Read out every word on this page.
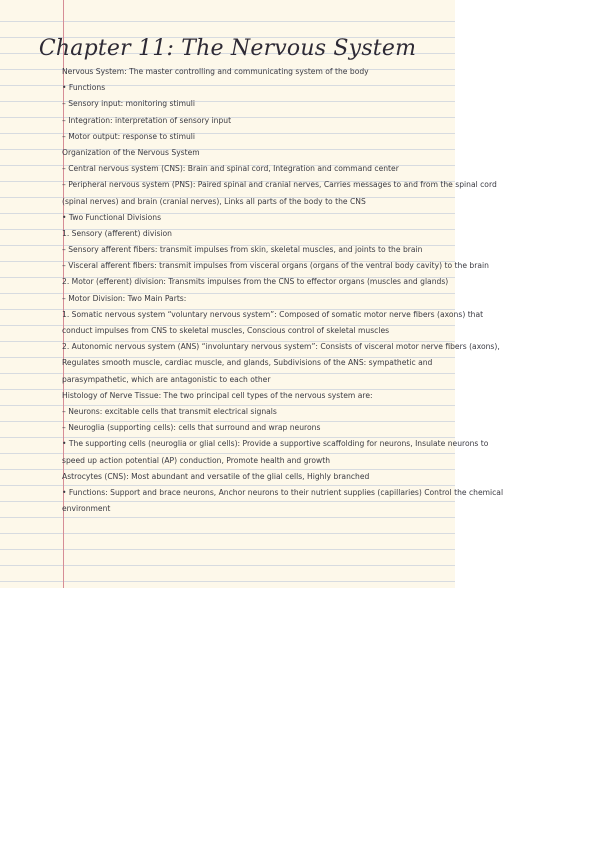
Chapter 11: The Nervous System
Nervous System: The master controlling and communicating system of the body
• Functions
– Sensory input: monitoring stimuli
– Integration: interpretation of sensory input
– Motor output: response to stimuli
Organization of the Nervous System
– Central nervous system (CNS): Brain and spinal cord, Integration and command center
– Peripheral nervous system (PNS): Paired spinal and cranial nerves, Carries messages to and from the spinal cord
(spinal nerves) and brain (cranial nerves), Links all parts of the body to the CNS
• Two Functional Divisions
1. Sensory (afferent) division
– Sensory afferent fibers: transmit impulses from skin, skeletal muscles, and joints to the brain
– Visceral afferent fibers: transmit impulses from visceral organs (organs of the ventral body cavity) to the brain
2. Motor (efferent) division: Transmits impulses from the CNS to effector organs (muscles and glands)
– Motor Division: Two Main Parts:
1. Somatic nervous system “voluntary nervous system”: Composed of somatic motor nerve fibers (axons) that
conduct impulses from CNS to skeletal muscles, Conscious control of skeletal muscles
2. Autonomic nervous system (ANS) “involuntary nervous system”: Consists of visceral motor nerve fibers (axons),
Regulates smooth muscle, cardiac muscle, and glands, Subdivisions of the ANS: sympathetic and
parasympathetic, which are antagonistic to each other
Histology of Nerve Tissue: The two principal cell types of the nervous system are:
– Neurons: excitable cells that transmit electrical signals
– Neuroglia (supporting cells): cells that surround and wrap neurons
• The supporting cells (neuroglia or glial cells): Provide a supportive scaffolding for neurons, Insulate neurons to
speed up action potential (AP) conduction, Promote health and growth
Astrocytes (CNS): Most abundant and versatile of the glial cells, Highly branched
• Functions: Support and brace neurons, Anchor neurons to their nutrient supplies (capillaries) Control the chemical
environment
